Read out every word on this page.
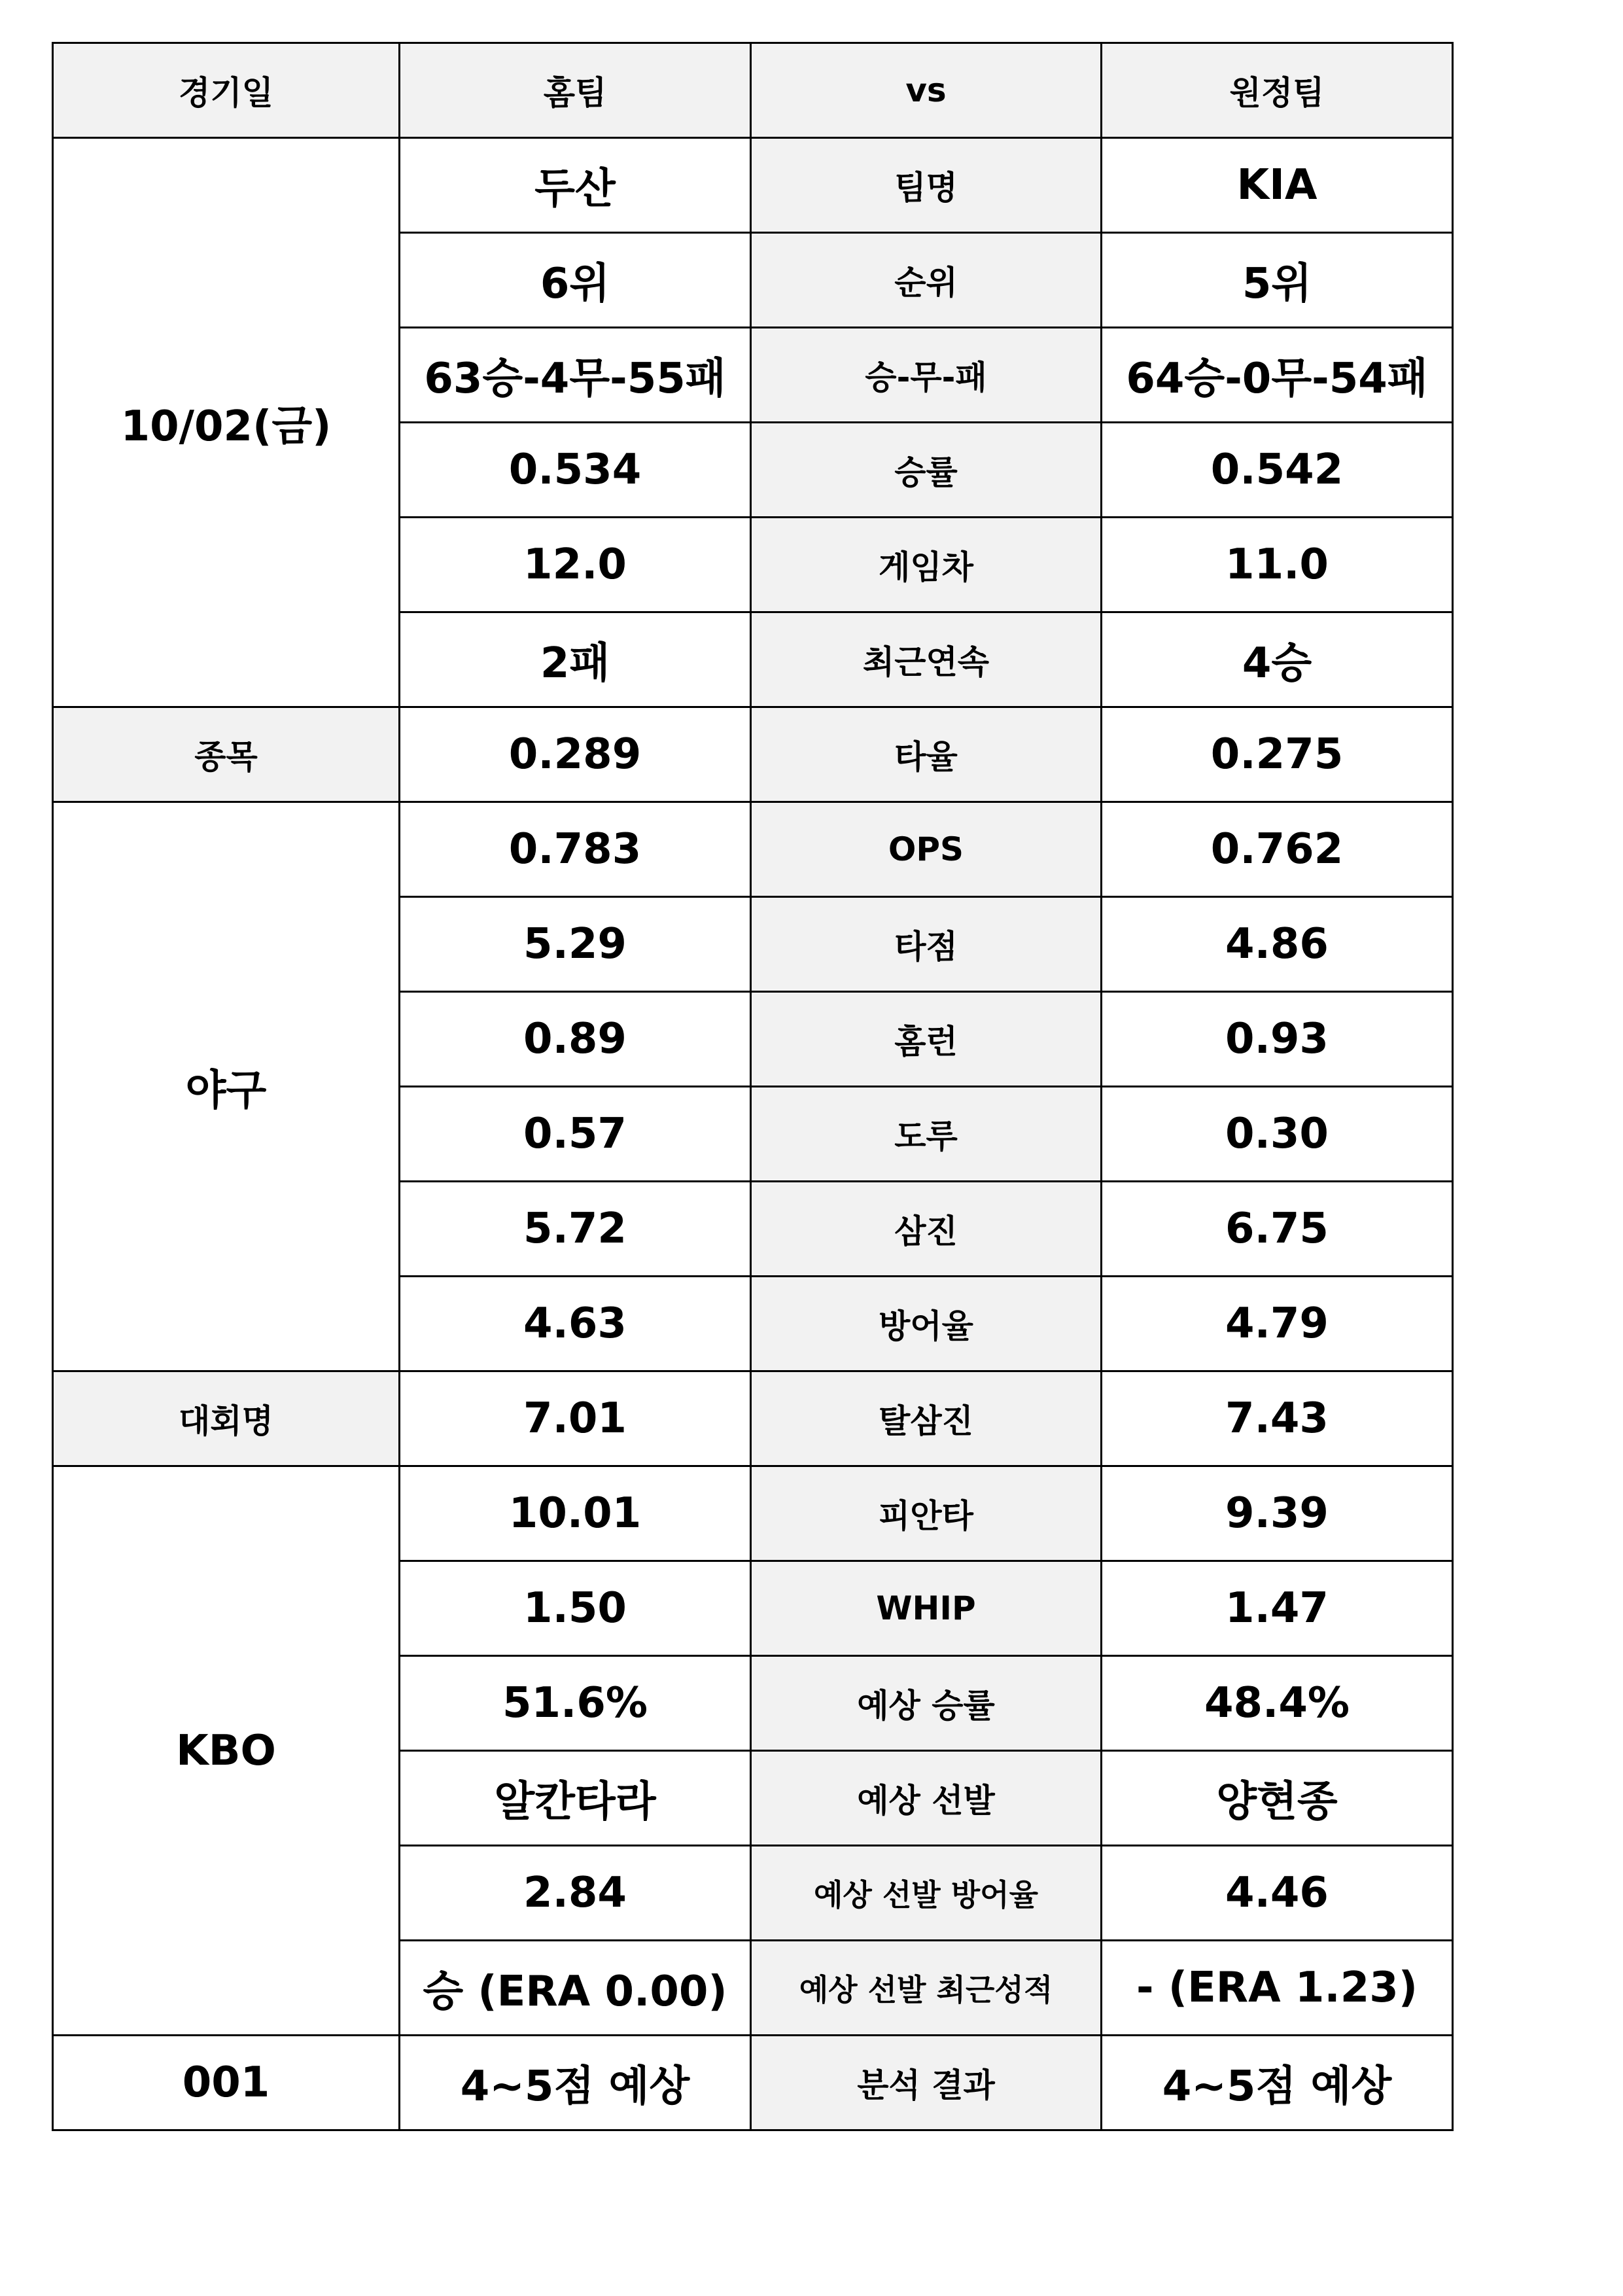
경기일	홈팀	vs	원정팀
10/02(금)	두산	팀명	KIA
	6위	순위	5위
	63승-4무-55패	승-무-패	64승-0무-54패
	0.534	승률	0.542
	12.0	게임차	11.0
	2패	최근연속	4승
종목	0.289	타율	0.275
야구	0.783	OPS	0.762
	5.29	타점	4.86
	0.89	홈런	0.93
	0.57	도루	0.30
	5.72	삼진	6.75
	4.63	방어율	4.79
대회명	7.01	탈삼진	7.43
KBO	10.01	피안타	9.39
	1.50	WHIP	1.47
	51.6%	예상 승률	48.4%
	알칸타라	예상 선발	양현종
	2.84	예상 선발 방어율	4.46
	승 (ERA 0.00)	예상 선발 최근성적	- (ERA 1.23)
001	4~5점 예상	분석 결과	4~5점 예상
